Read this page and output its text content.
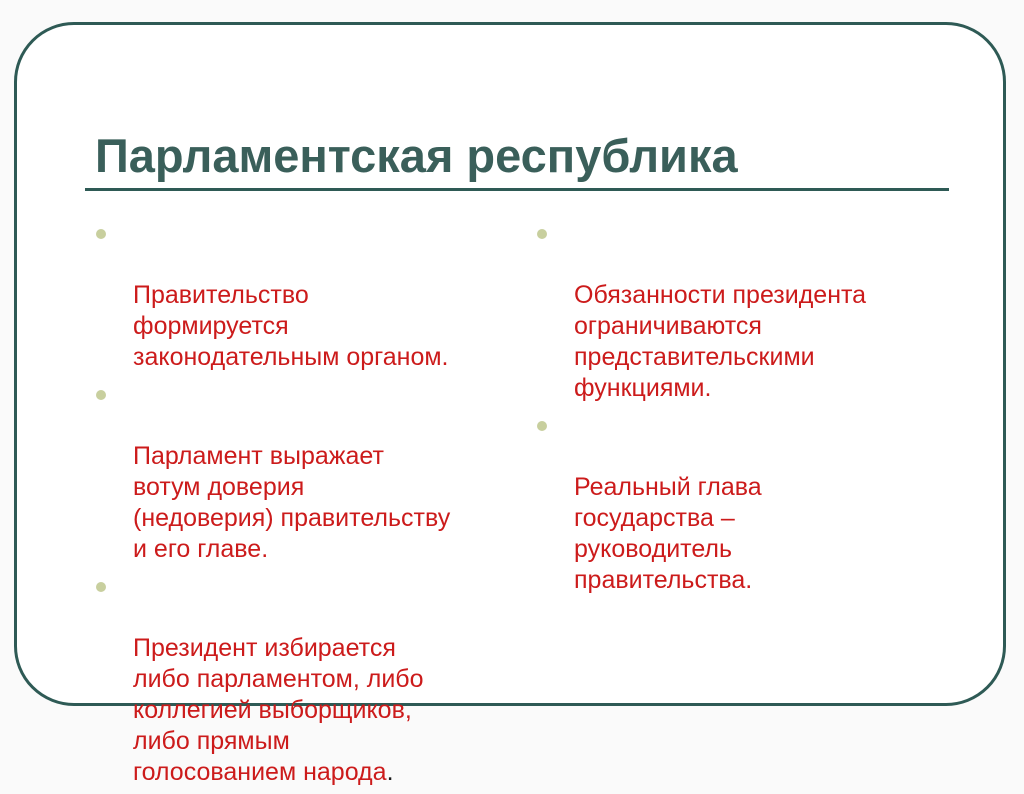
Парламентская республика

Правительство
формируется
законодательным органом.

Парламент выражает
вотум доверия
(недоверия) правительству
и его главе.

Президент избирается
либо парламентом, либо
коллегией выборщиков,
либо прямым
голосованием народа.

Обязанности президента
ограничиваются
представительскими
функциями.

Реальный глава
государства –
руководитель
правительства.
